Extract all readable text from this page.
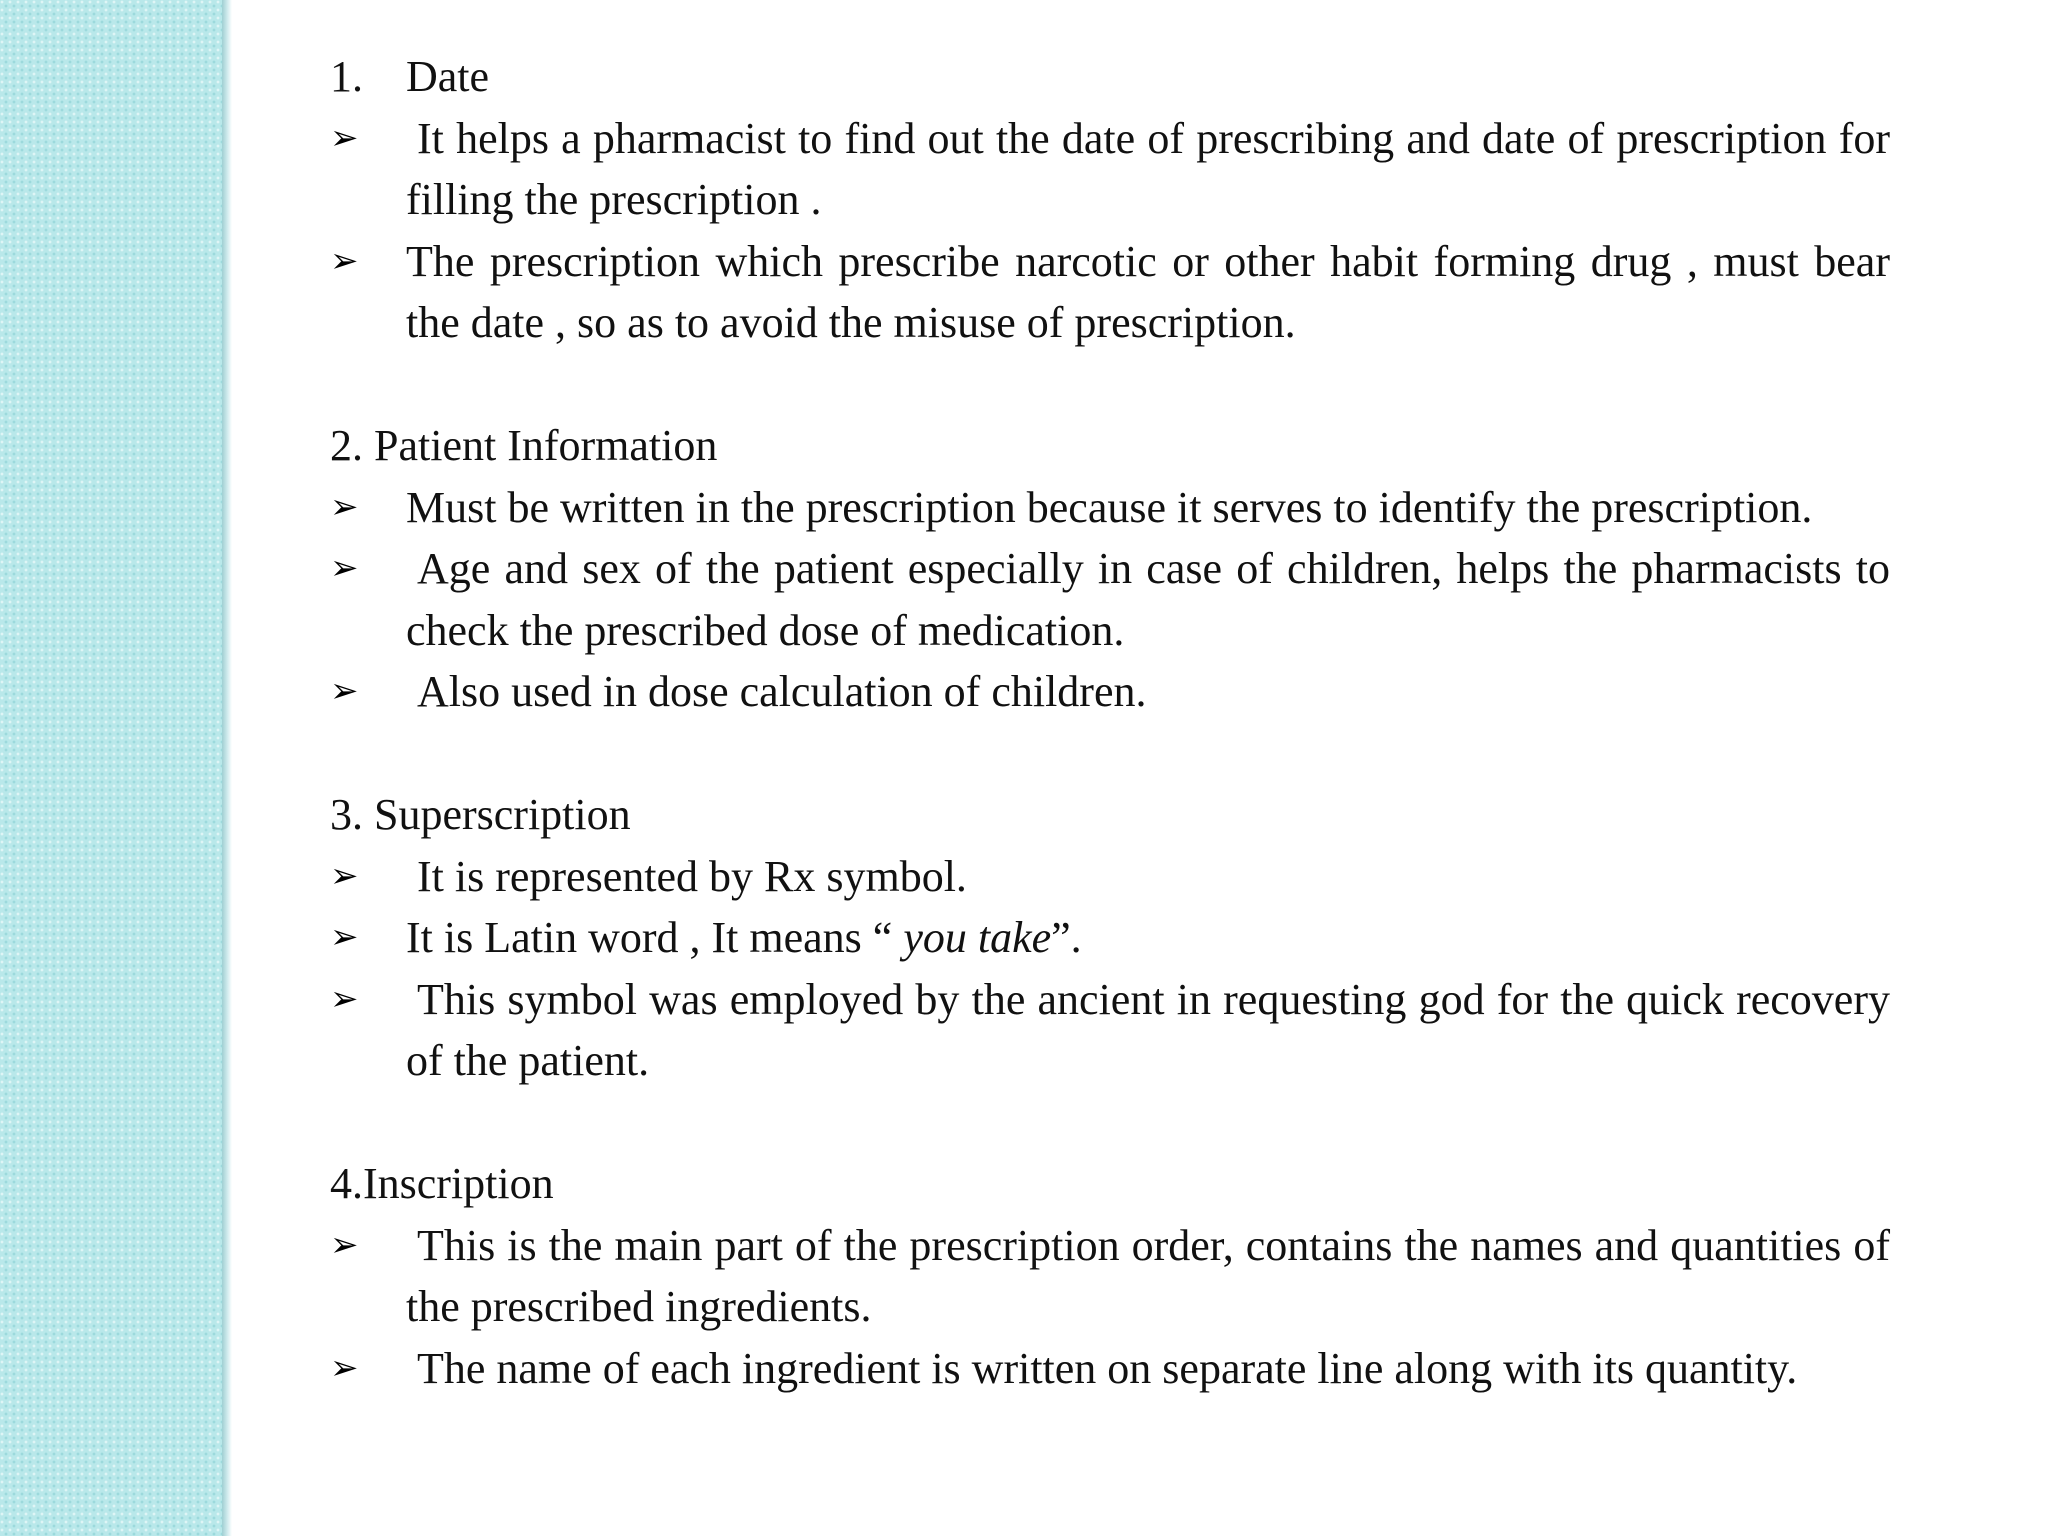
1. Date
➢	It helps a pharmacist to find out the date of prescribing and date of prescription for filling the prescription .
➢	The prescription which prescribe narcotic or other habit forming drug , must bear the date , so as to avoid the misuse of prescription.
2. Patient Information
➢	Must be written in the prescription because it serves to identify the prescription.
➢	Age and sex of the patient especially in case of children, helps the pharmacists to check the prescribed dose of medication.
➢	Also used in dose calculation of children.
3. Superscription
➢	It is represented by Rx symbol.
➢	It is Latin word , It means “ you take”.
➢	This symbol was employed by the ancient in requesting god for the quick recovery of the patient.
4.Inscription
➢	This is the main part of the prescription order, contains the names and quantities of the prescribed ingredients.
➢	The name of each ingredient is written on separate line along with its quantity.
